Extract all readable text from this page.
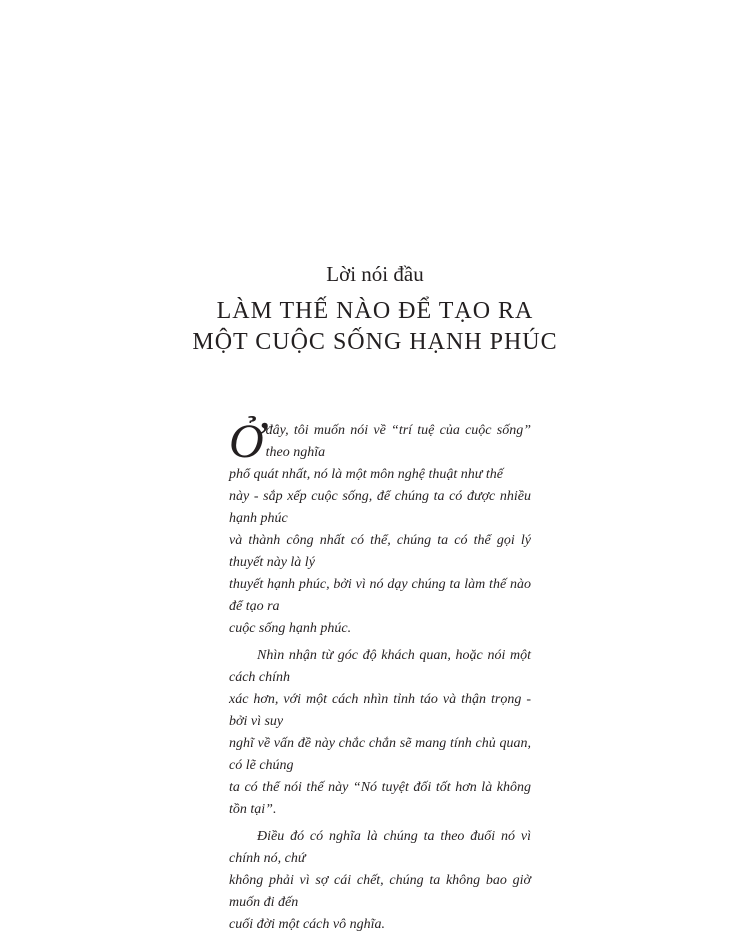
Lời nói đầu
LÀM THẾ NÀO ĐỂ TẠO RA
MỘT CUỘC SỐNG HẠNH PHÚC

Ở đây, tôi muốn nói về “trí tuệ của cuộc sống” theo nghĩa
phổ quát nhất, nó là một môn nghệ thuật như thế
này - sắp xếp cuộc sống, để chúng ta có được nhiều hạnh phúc
và thành công nhất có thể, chúng ta có thể gọi lý thuyết này là lý
thuyết hạnh phúc, bởi vì nó dạy chúng ta làm thế nào để tạo ra
cuộc sống hạnh phúc.

Nhìn nhận từ góc độ khách quan, hoặc nói một cách chính
xác hơn, với một cách nhìn tỉnh táo và thận trọng - bởi vì suy
nghĩ về vấn đề này chắc chắn sẽ mang tính chủ quan, có lẽ chúng
ta có thể nói thế này “Nó tuyệt đối tốt hơn là không tồn tại”.

Điều đó có nghĩa là chúng ta theo đuổi nó vì chính nó, chứ
không phải vì sợ cái chết, chúng ta không bao giờ muốn đi đến
cuối đời một cách vô nghĩa.
